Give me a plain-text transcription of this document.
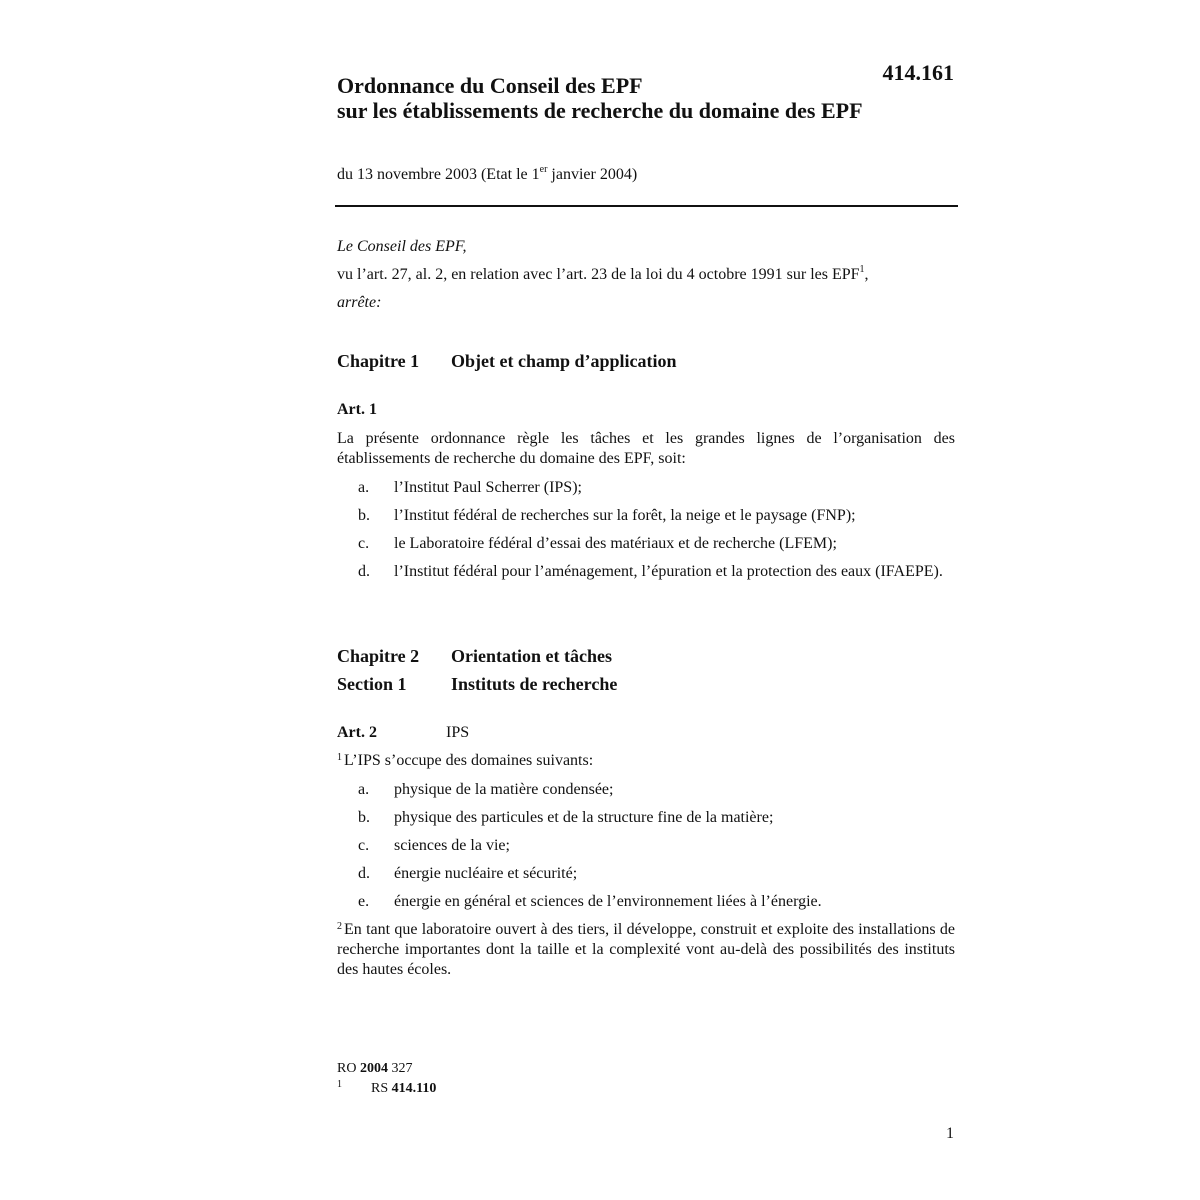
414.161
Ordonnance du Conseil des EPF
sur les établissements de recherche du domaine des EPF
du 13 novembre 2003 (Etat le 1er janvier 2004)
Le Conseil des EPF,
vu l’art. 27, al. 2, en relation avec l’art. 23 de la loi du 4 octobre 1991 sur les EPF$^1$,
arrête:
Chapitre 1 Objet et champ d’application
Art. 1
La présente ordonnance règle les tâches et les grandes lignes de l’organisation des établissements de recherche du domaine des EPF, soit:
a. l’Institut Paul Scherrer (IPS);
b. l’Institut fédéral de recherches sur la forêt, la neige et le paysage (FNP);
c. le Laboratoire fédéral d’essai des matériaux et de recherche (LFEM);
d. l’Institut fédéral pour l’aménagement, l’épuration et la protection des eaux (IFAEPE).
Chapitre 2 Orientation et tâches
Section 1 Instituts de recherche
Art. 2	IPS
$^1$ L’IPS s’occupe des domaines suivants:
a. physique de la matière condensée;
b. physique des particules et de la structure fine de la matière;
c. sciences de la vie;
d. énergie nucléaire et sécurité;
e. énergie en général et sciences de l’environnement liées à l’énergie.
$^2$ En tant que laboratoire ouvert à des tiers, il développe, construit et exploite des installations de recherche importantes dont la taille et la complexité vont au-delà des possibilités des instituts des hautes écoles.
RO 2004 327
1 RS 414.110
1
